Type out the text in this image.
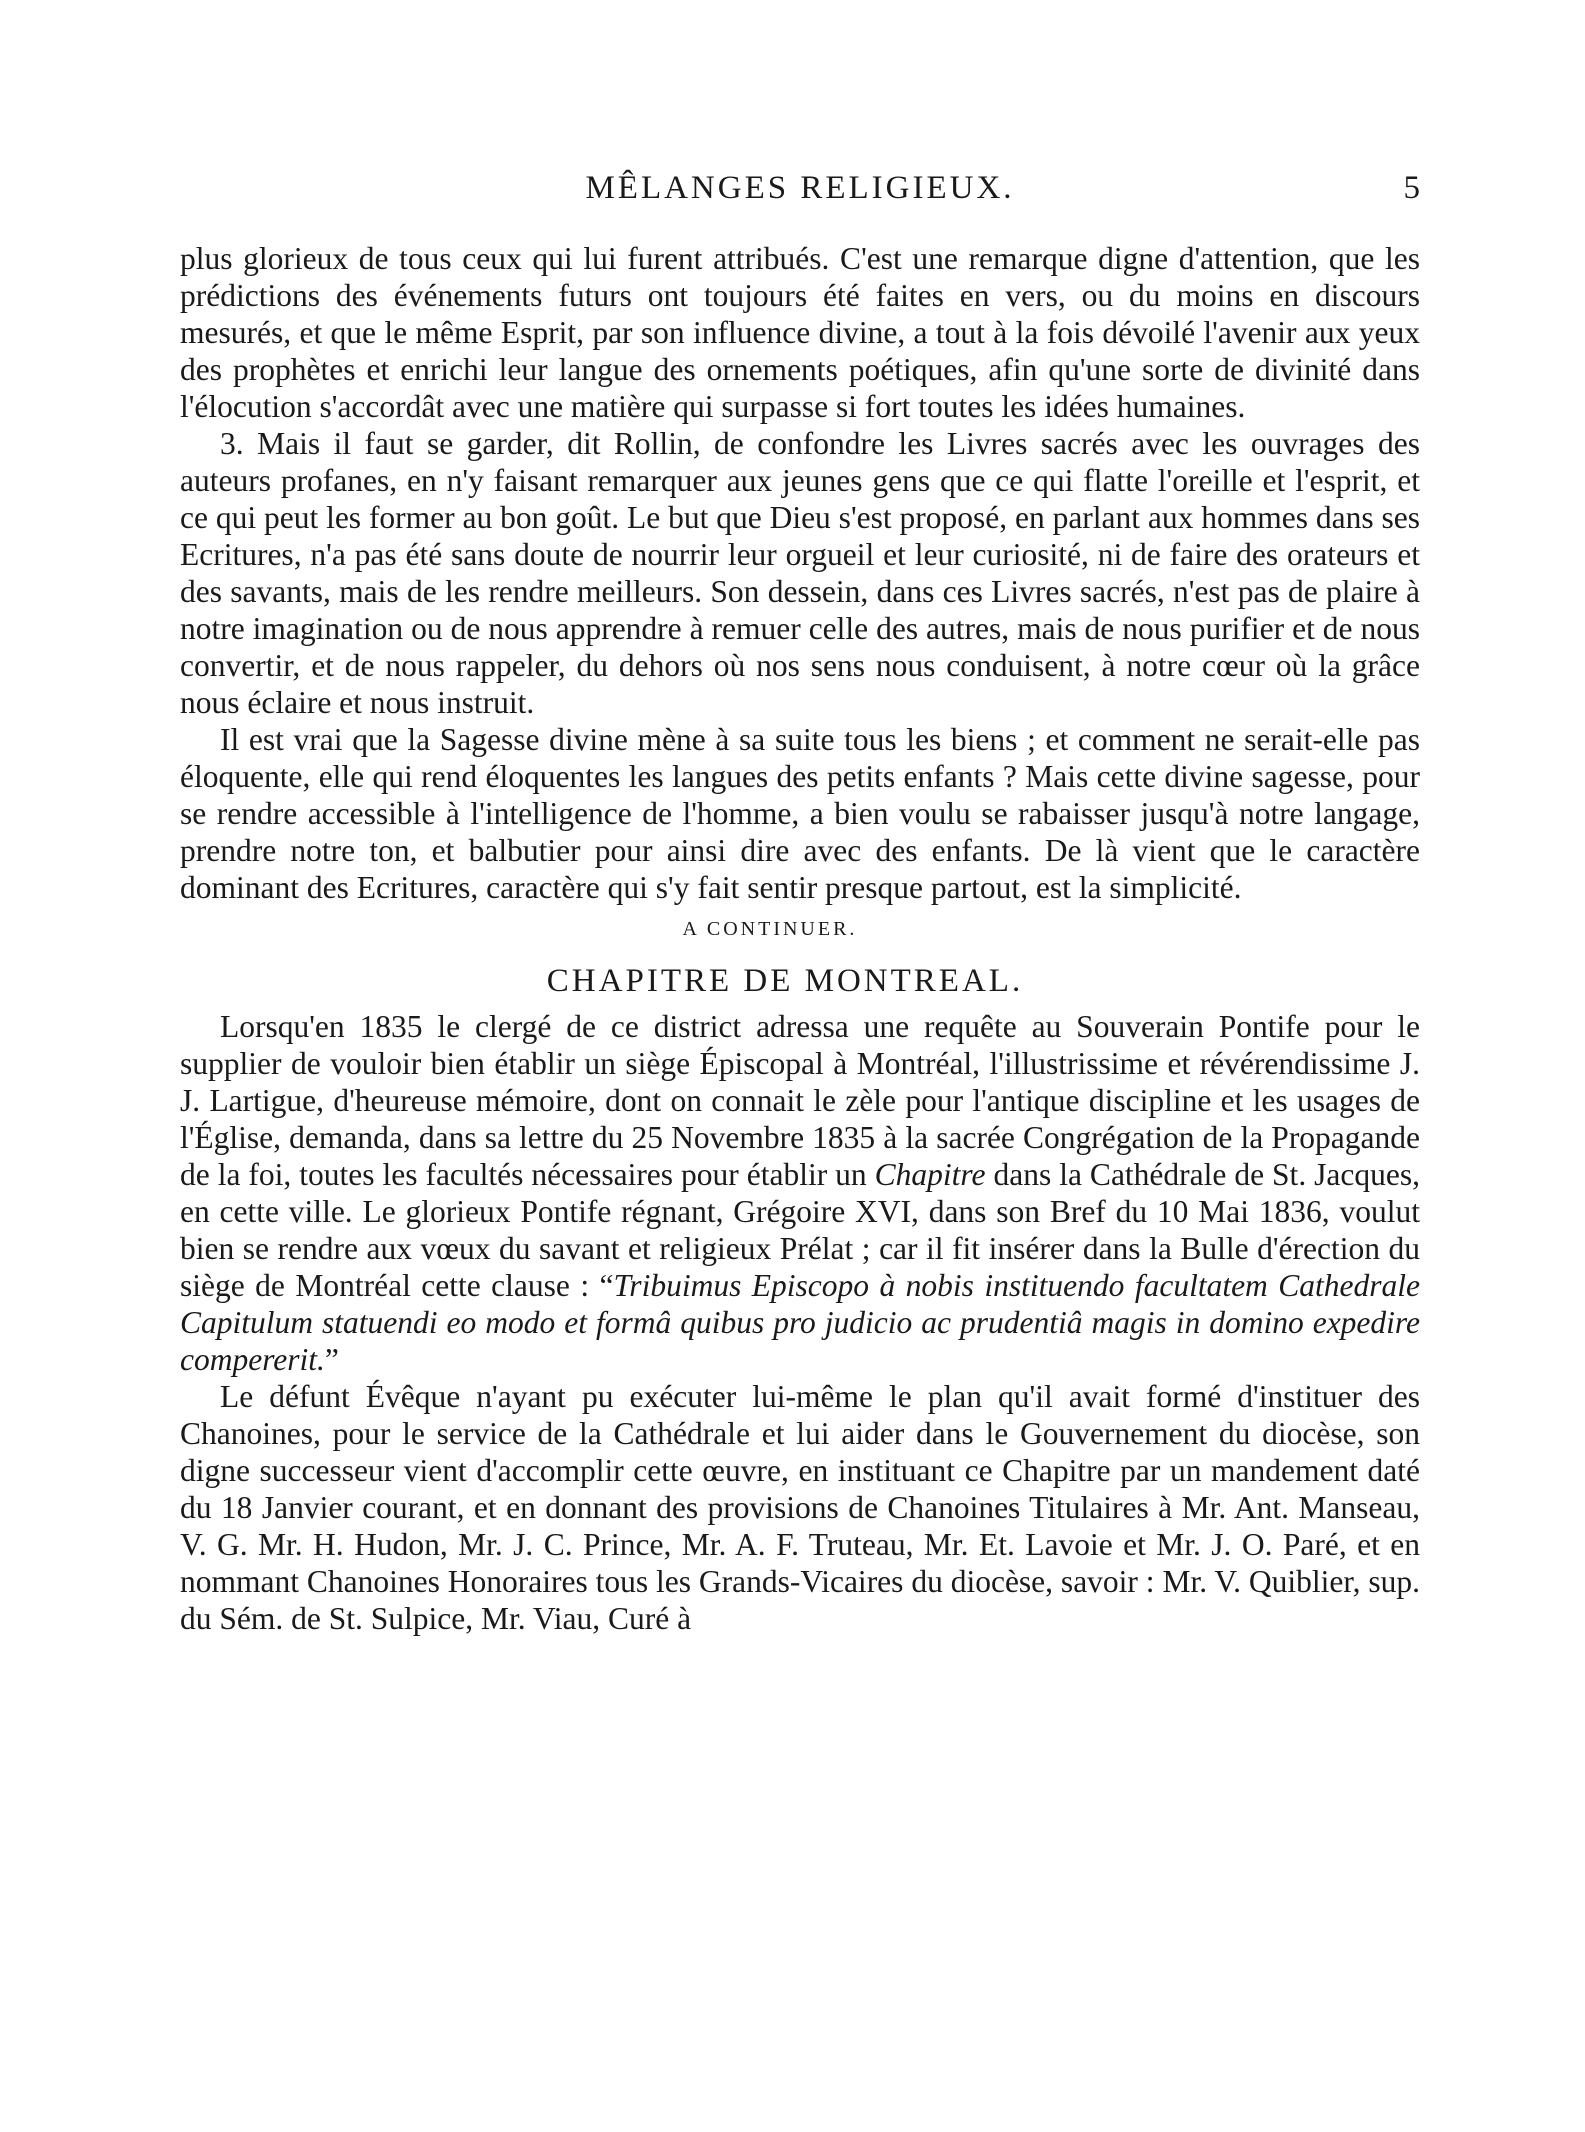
MÊLANGES RELIGIEUX.	5

plus glorieux de tous ceux qui lui furent attribués. C'est une remarque digne d'attention, que les prédictions des événements futurs ont toujours été faites en vers, ou du moins en discours mesurés, et que le même Esprit, par son influence divine, a tout à la fois dévoilé l'avenir aux yeux des prophètes et enrichi leur langue des ornements poétiques, afin qu'une sorte de divinité dans l'élocution s'accordât avec une matière qui surpasse si fort toutes les idées humaines.

3. Mais il faut se garder, dit Rollin, de confondre les Livres sacrés avec les ouvrages des auteurs profanes, en n'y faisant remarquer aux jeunes gens que ce qui flatte l'oreille et l'esprit, et ce qui peut les former au bon goût. Le but que Dieu s'est proposé, en parlant aux hommes dans ses Ecritures, n'a pas été sans doute de nourrir leur orgueil et leur curiosité, ni de faire des orateurs et des savants, mais de les rendre meilleurs. Son dessein, dans ces Livres sacrés, n'est pas de plaire à notre imagination ou de nous apprendre à remuer celle des autres, mais de nous purifier et de nous convertir, et de nous rappeler, du dehors où nos sens nous conduisent, à notre cœur où la grâce nous éclaire et nous instruit.

Il est vrai que la Sagesse divine mène à sa suite tous les biens ; et comment ne serait-elle pas éloquente, elle qui rend éloquentes les langues des petits enfants ? Mais cette divine sagesse, pour se rendre accessible à l'intelligence de l'homme, a bien voulu se rabaisser jusqu'à notre langage, prendre notre ton, et balbutier pour ainsi dire avec des enfants. De là vient que le caractère dominant des Ecritures, caractère qui s'y fait sentir presque partout, est la simplicité.

A CONTINUER.
CHAPITRE DE MONTREAL.

Lorsqu'en 1835 le clergé de ce district adressa une requête au Souverain Pontife pour le supplier de vouloir bien établir un siège Épiscopal à Montréal, l'illustrissime et révérendissime J. J. Lartigue, d'heureuse mémoire, dont on connait le zèle pour l'antique discipline et les usages de l'Église, demanda, dans sa lettre du 25 Novembre 1835 à la sacrée Congrégation de la Propagande de la foi, toutes les facultés nécessaires pour établir un Chapitre dans la Cathédrale de St. Jacques, en cette ville. Le glorieux Pontife régnant, Grégoire XVI, dans son Bref du 10 Mai 1836, voulut bien se rendre aux vœux du savant et religieux Prélat ; car il fit insérer dans la Bulle d'érection du siège de Montréal cette clause : “Tribuimus Episcopo à nobis instituendo facultatem Cathedrale Capitulum statuendi eo modo et formâ quibus pro judicio ac prudentiâ magis in domino expedire compererit.”

Le défunt Évêque n'ayant pu exécuter lui-même le plan qu'il avait formé d'instituer des Chanoines, pour le service de la Cathédrale et lui aider dans le Gouvernement du diocèse, son digne successeur vient d'accomplir cette œuvre, en instituant ce Chapitre par un mandement daté du 18 Janvier courant, et en donnant des provisions de Chanoines Titulaires à Mr. Ant. Manseau, V. G. Mr. H. Hudon, Mr. J. C. Prince, Mr. A. F. Truteau, Mr. Et. Lavoie et Mr. J. O. Paré, et en nommant Chanoines Honoraires tous les Grands-Vicaires du diocèse, savoir : Mr. V. Quiblier, sup. du Sém. de St. Sulpice, Mr. Viau, Curé à
